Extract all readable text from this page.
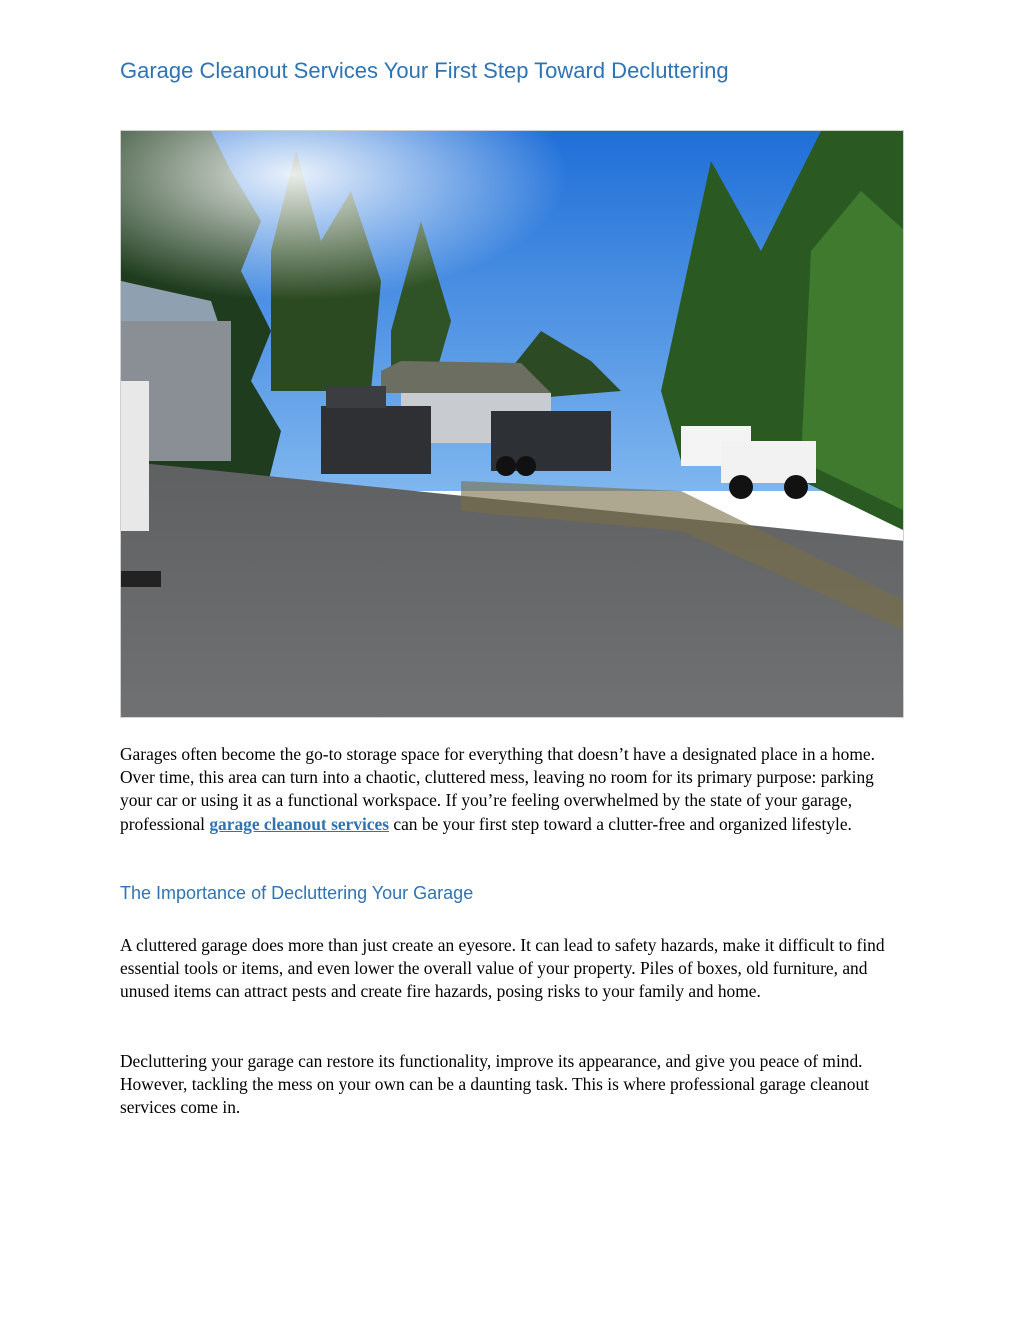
Garage Cleanout Services Your First Step Toward Decluttering

Garages often become the go-to storage space for everything that doesn’t have a designated place in a home. Over time, this area can turn into a chaotic, cluttered mess, leaving no room for its primary purpose: parking your car or using it as a functional workspace. If you’re feeling overwhelmed by the state of your garage, professional garage cleanout services can be your first step toward a clutter-free and organized lifestyle.

The Importance of Decluttering Your Garage

A cluttered garage does more than just create an eyesore. It can lead to safety hazards, make it difficult to find essential tools or items, and even lower the overall value of your property. Piles of boxes, old furniture, and unused items can attract pests and create fire hazards, posing risks to your family and home.

Decluttering your garage can restore its functionality, improve its appearance, and give you peace of mind. However, tackling the mess on your own can be a daunting task. This is where professional garage cleanout services come in.
